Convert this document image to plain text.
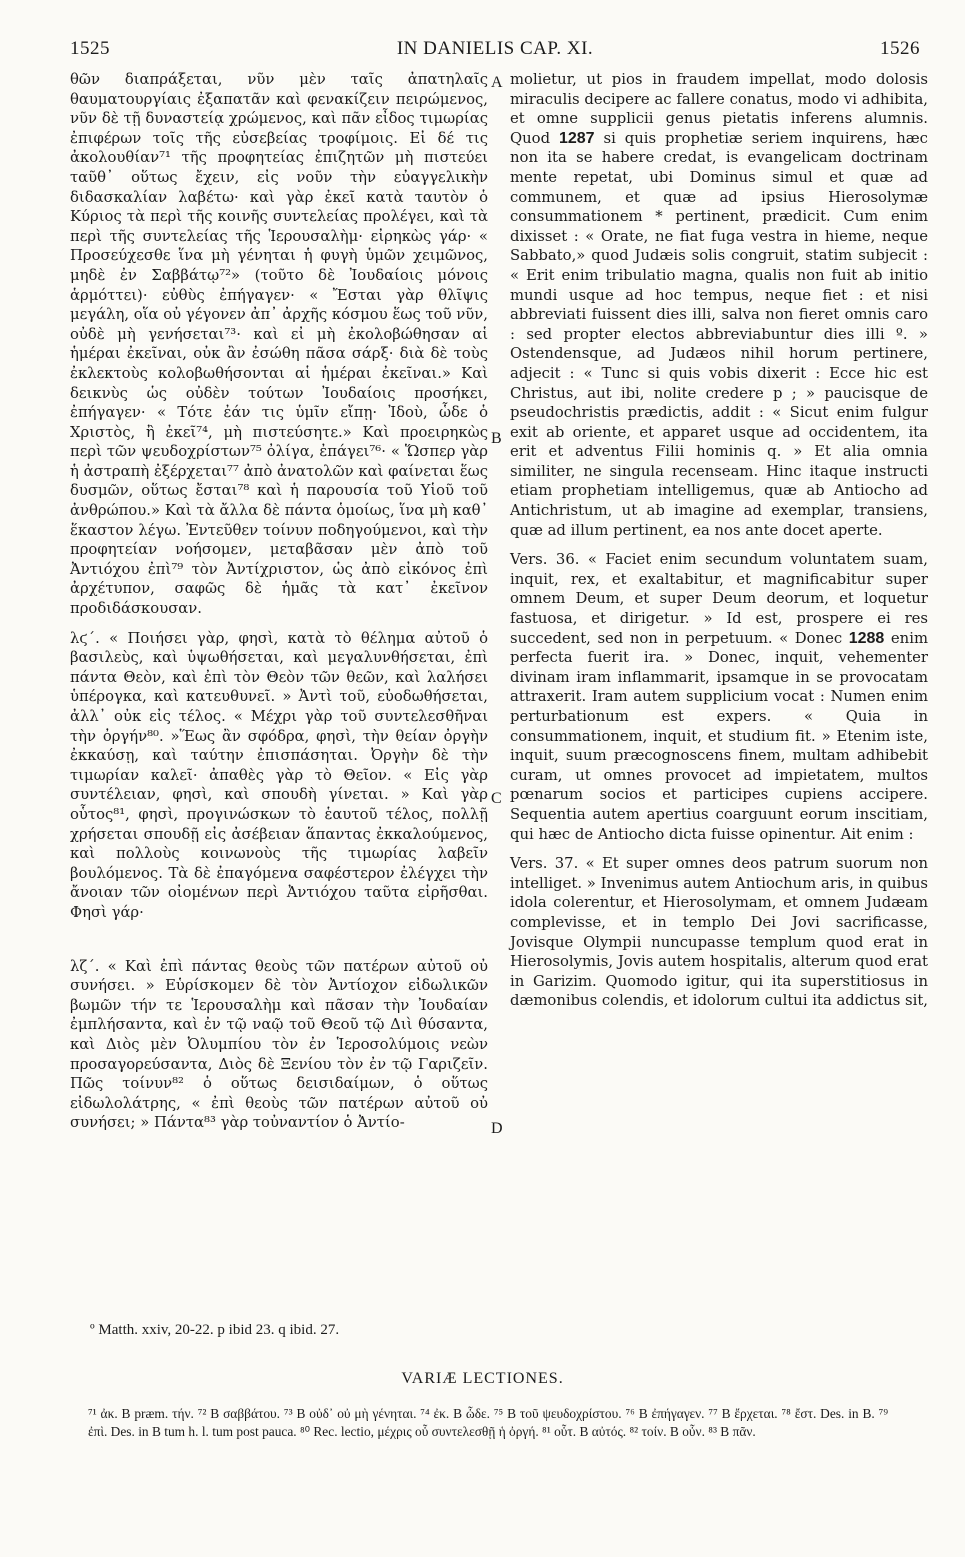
1525	IN DANIELIS CAP. XI.	1526

θῶν διαπράξεται, νῦν μὲν ταῖς ἀπατηλαῖς θαυματουργίαις ἐξαπατᾶν καὶ φενακίζειν πειρώμενος, νῦν δὲ τῇ δυναστείᾳ χρώμενος, καὶ πᾶν εἶδος τιμωρίας ἐπιφέρων τοῖς τῆς εὐσεβείας τροφίμοις. Εἰ δέ τις ἀκολουθίαν⁷¹ τῆς προφητείας ἐπιζητῶν μὴ πιστεύει ταῦθ᾿ οὕτως ἔχειν, εἰς νοῦν τὴν εὐαγγελικὴν διδασκαλίαν λαβέτω· καὶ γὰρ ἐκεῖ κατὰ ταυτὸν ὁ Κύριος τὰ περὶ τῆς κοινῆς συντελείας προλέγει, καὶ τὰ περὶ τῆς συντελείας τῆς Ἱερουσαλὴμ· εἰρηκὼς γάρ· « Προσεύχεσθε ἵνα μὴ γένηται ἡ φυγὴ ὑμῶν χειμῶνος, μηδὲ ἐν Σαββάτῳ⁷²» (τοῦτο δὲ Ἰουδαίοις μόνοις ἁρμόττει)· εὐθὺς ἐπήγαγεν· « Ἔσται γὰρ θλῖψις μεγάλη, οἵα οὐ γέγονεν ἀπ᾿ ἀρχῆς κόσμου ἕως τοῦ νῦν, οὐδὲ μὴ γενήσεται⁷³· καὶ εἰ μὴ ἐκολοβώθησαν αἱ ἡμέραι ἐκεῖναι, οὐκ ἂν ἐσώθη πᾶσα σάρξ· διὰ δὲ τοὺς ἐκλεκτοὺς κολοβωθήσονται αἱ ἡμέραι ἐκεῖναι.» Καὶ δεικνὺς ὡς οὐδὲν τούτων Ἰουδαίοις προσήκει, ἐπήγαγεν· « Τότε ἐάν τις ὑμῖν εἴπῃ· Ἰδοὺ, ὧδε ὁ Χριστὸς, ἢ ἐκεῖ⁷⁴, μὴ πιστεύσητε.» Καὶ προειρηκὼς περὶ τῶν ψευδοχρίστων⁷⁵ ὀλίγα, ἐπάγει⁷⁶· « Ὥσπερ γὰρ ἡ ἀστραπὴ ἐξέρχεται⁷⁷ ἀπὸ ἀνατολῶν καὶ φαίνεται ἕως δυσμῶν, οὕτως ἔσται⁷⁸ καὶ ἡ παρουσία τοῦ Υἱοῦ τοῦ ἀνθρώπου.» Καὶ τὰ ἄλλα δὲ πάντα ὁμοίως, ἵνα μὴ καθ᾿ ἕκαστον λέγω. Ἐντεῦθεν τοίνυν ποδηγούμενοι, καὶ τὴν προφητείαν νοήσομεν, μεταβᾶσαν μὲν ἀπὸ τοῦ Ἀντιόχου ἐπὶ⁷⁹ τὸν Ἀντίχριστον, ὡς ἀπὸ εἰκόνος ἐπὶ ἀρχέτυπον, σαφῶς δὲ ἡμᾶς τὰ κατ᾿ ἐκεῖνον προδιδάσκουσαν.

λϛ΄. « Ποιήσει γὰρ, φησὶ, κατὰ τὸ θέλημα αὐτοῦ ὁ βασιλεὺς, καὶ ὑψωθήσεται, καὶ μεγαλυνθήσεται, ἐπὶ πάντα Θεὸν, καὶ ἐπὶ τὸν Θεὸν τῶν θεῶν, καὶ λαλήσει ὑπέρογκα, καὶ κατευθυνεῖ. » Ἀντὶ τοῦ, εὐοδωθήσεται, ἀλλ᾿ οὐκ εἰς τέλος. « Μέχρι γὰρ τοῦ συντελεσθῆναι τὴν ὀργήν⁸⁰. »Ἕως ἂν σφόδρα, φησὶ, τὴν θείαν ὀργὴν ἐκκαύσῃ, καὶ ταύτην ἐπισπάσηται. Ὀργὴν δὲ τὴν τιμωρίαν καλεῖ· ἀπαθὲς γὰρ τὸ Θεῖον. « Εἰς γὰρ συντέλειαν, φησὶ, καὶ σπουδὴ γίνεται. » Καὶ γὰρ οὗτος⁸¹, φησὶ, προγινώσκων τὸ ἑαυτοῦ τέλος, πολλῇ χρήσεται σπουδῇ εἰς ἀσέβειαν ἅπαντας ἐκκαλούμενος, καὶ πολλοὺς κοινωνοὺς τῆς τιμωρίας λαβεῖν βουλόμενος. Τὰ δὲ ἐπαγόμενα σαφέστερον ἐλέγχει τὴν ἄνοιαν τῶν οἰομένων περὶ Ἀντιόχου ταῦτα εἰρῆσθαι. Φησὶ γάρ·

λζ΄. « Καὶ ἐπὶ πάντας θεοὺς τῶν πατέρων αὐτοῦ οὐ συνήσει. » Εὑρίσκομεν δὲ τὸν Ἀντίοχον εἰδωλικῶν βωμῶν τήν τε Ἱερουσαλὴμ καὶ πᾶσαν τὴν Ἰουδαίαν ἐμπλήσαντα, καὶ ἐν τῷ ναῷ τοῦ Θεοῦ τῷ Διὶ θύσαντα, καὶ Διὸς μὲν Ὀλυμπίου τὸν ἐν Ἱεροσολύμοις νεὼν προσαγορεύσαντα, Διὸς δὲ Ξενίου τὸν ἐν τῷ Γαριζεῖν. Πῶς τοίνυν⁸² ὁ οὕτως δεισιδαίμων, ὁ οὕτως εἰδωλολάτρης, « ἐπὶ θεοὺς τῶν πατέρων αὐτοῦ οὐ συνήσει; » Πάντα⁸³ γὰρ τοὐναντίον ὁ Ἀντίο-

A
B
C
D

molietur, ut pios in fraudem impellat, modo dolosis miraculis decipere ac fallere conatus, modo vi adhibita, et omne supplicii genus pietatis inferens alumnis. Quod 1287 si quis prophetiæ seriem inquirens, hæc non ita se habere credat, is evangelicam doctrinam mente repetat, ubi Dominus simul et quæ ad communem, et quæ ad ipsius Hierosolymæ consummationem * pertinent, prædicit. Cum enim dixisset : « Orate, ne fiat fuga vestra in hieme, neque Sabbato,» quod Judæis solis congruit, statim subjecit : « Erit enim tribulatio magna, qualis non fuit ab initio mundi usque ad hoc tempus, neque fiet : et nisi abbreviati fuissent dies illi, salva non fieret omnis caro : sed propter electos abbreviabuntur dies illi º. » Ostendensque, ad Judæos nihil horum pertinere, adjecit : « Tunc si quis vobis dixerit : Ecce hic est Christus, aut ibi, nolite credere p ; » paucisque de pseudochristis prædictis, addit : « Sicut enim fulgur exit ab oriente, et apparet usque ad occidentem, ita erit et adventus Filii hominis q. » Et alia omnia similiter, ne singula recenseam. Hinc itaque instructi etiam prophetiam intelligemus, quæ ab Antiocho ad Antichristum, ut ab imagine ad exemplar, transiens, quæ ad illum pertinent, ea nos ante docet aperte.

Vers. 36. « Faciet enim secundum voluntatem suam, inquit, rex, et exaltabitur, et magnificabitur super omnem Deum, et super Deum deorum, et loquetur fastuosa, et dirigetur. » Id est, prospere ei res succedent, sed non in perpetuum. « Donec 1288 enim perfecta fuerit ira. » Donec, inquit, vehementer divinam iram inflammarit, ipsamque in se provocatam attraxerit. Iram autem supplicium vocat : Numen enim perturbationum est expers. « Quia in consummationem, inquit, et studium fit. » Etenim iste, inquit, suum præcognoscens finem, multam adhibebit curam, ut omnes provocet ad impietatem, multos pœnarum socios et participes cupiens accipere. Sequentia autem apertius coarguunt eorum inscitiam, qui hæc de Antiocho dicta fuisse opinentur. Ait enim :

Vers. 37. « Et super omnes deos patrum suorum non intelliget. » Invenimus autem Antiochum aris, in quibus idola colerentur, et Hierosolymam, et omnem Judæam complevisse, et in templo Dei Jovi sacrificasse, Jovisque Olympii nuncupasse templum quod erat in Hierosolymis, Jovis autem hospitalis, alterum quod erat in Garizim. Quomodo igitur, qui ita superstitiosus in dæmonibus colendis, et idolorum cultui ita addictus sit,

º Matth. xxiv, 20-22. p ibid 23. q ibid. 27.
VARIÆ LECTIONES.
⁷¹ ἀκ. B præm. τήν. ⁷² B σαββάτου. ⁷³ B οὐδ᾿ οὐ μὴ γένηται. ⁷⁴ ἐκ. B ὧδε. ⁷⁵ B τοῦ ψευδοχρίστου. ⁷⁶ B ἐπήγαγεν. ⁷⁷ B ἔρχεται. ⁷⁸ ἔστ. Des. in B. ⁷⁹ ἐπὶ. Des. in B tum h. l. tum post pauca. ⁸⁰ Rec. lectio, μέχρις οὗ συντελεσθῇ ἡ ὀργή. ⁸¹ οὗτ. B αὐτός. ⁸² τοίν. Β οὖν. ⁸³ B πᾶν.
